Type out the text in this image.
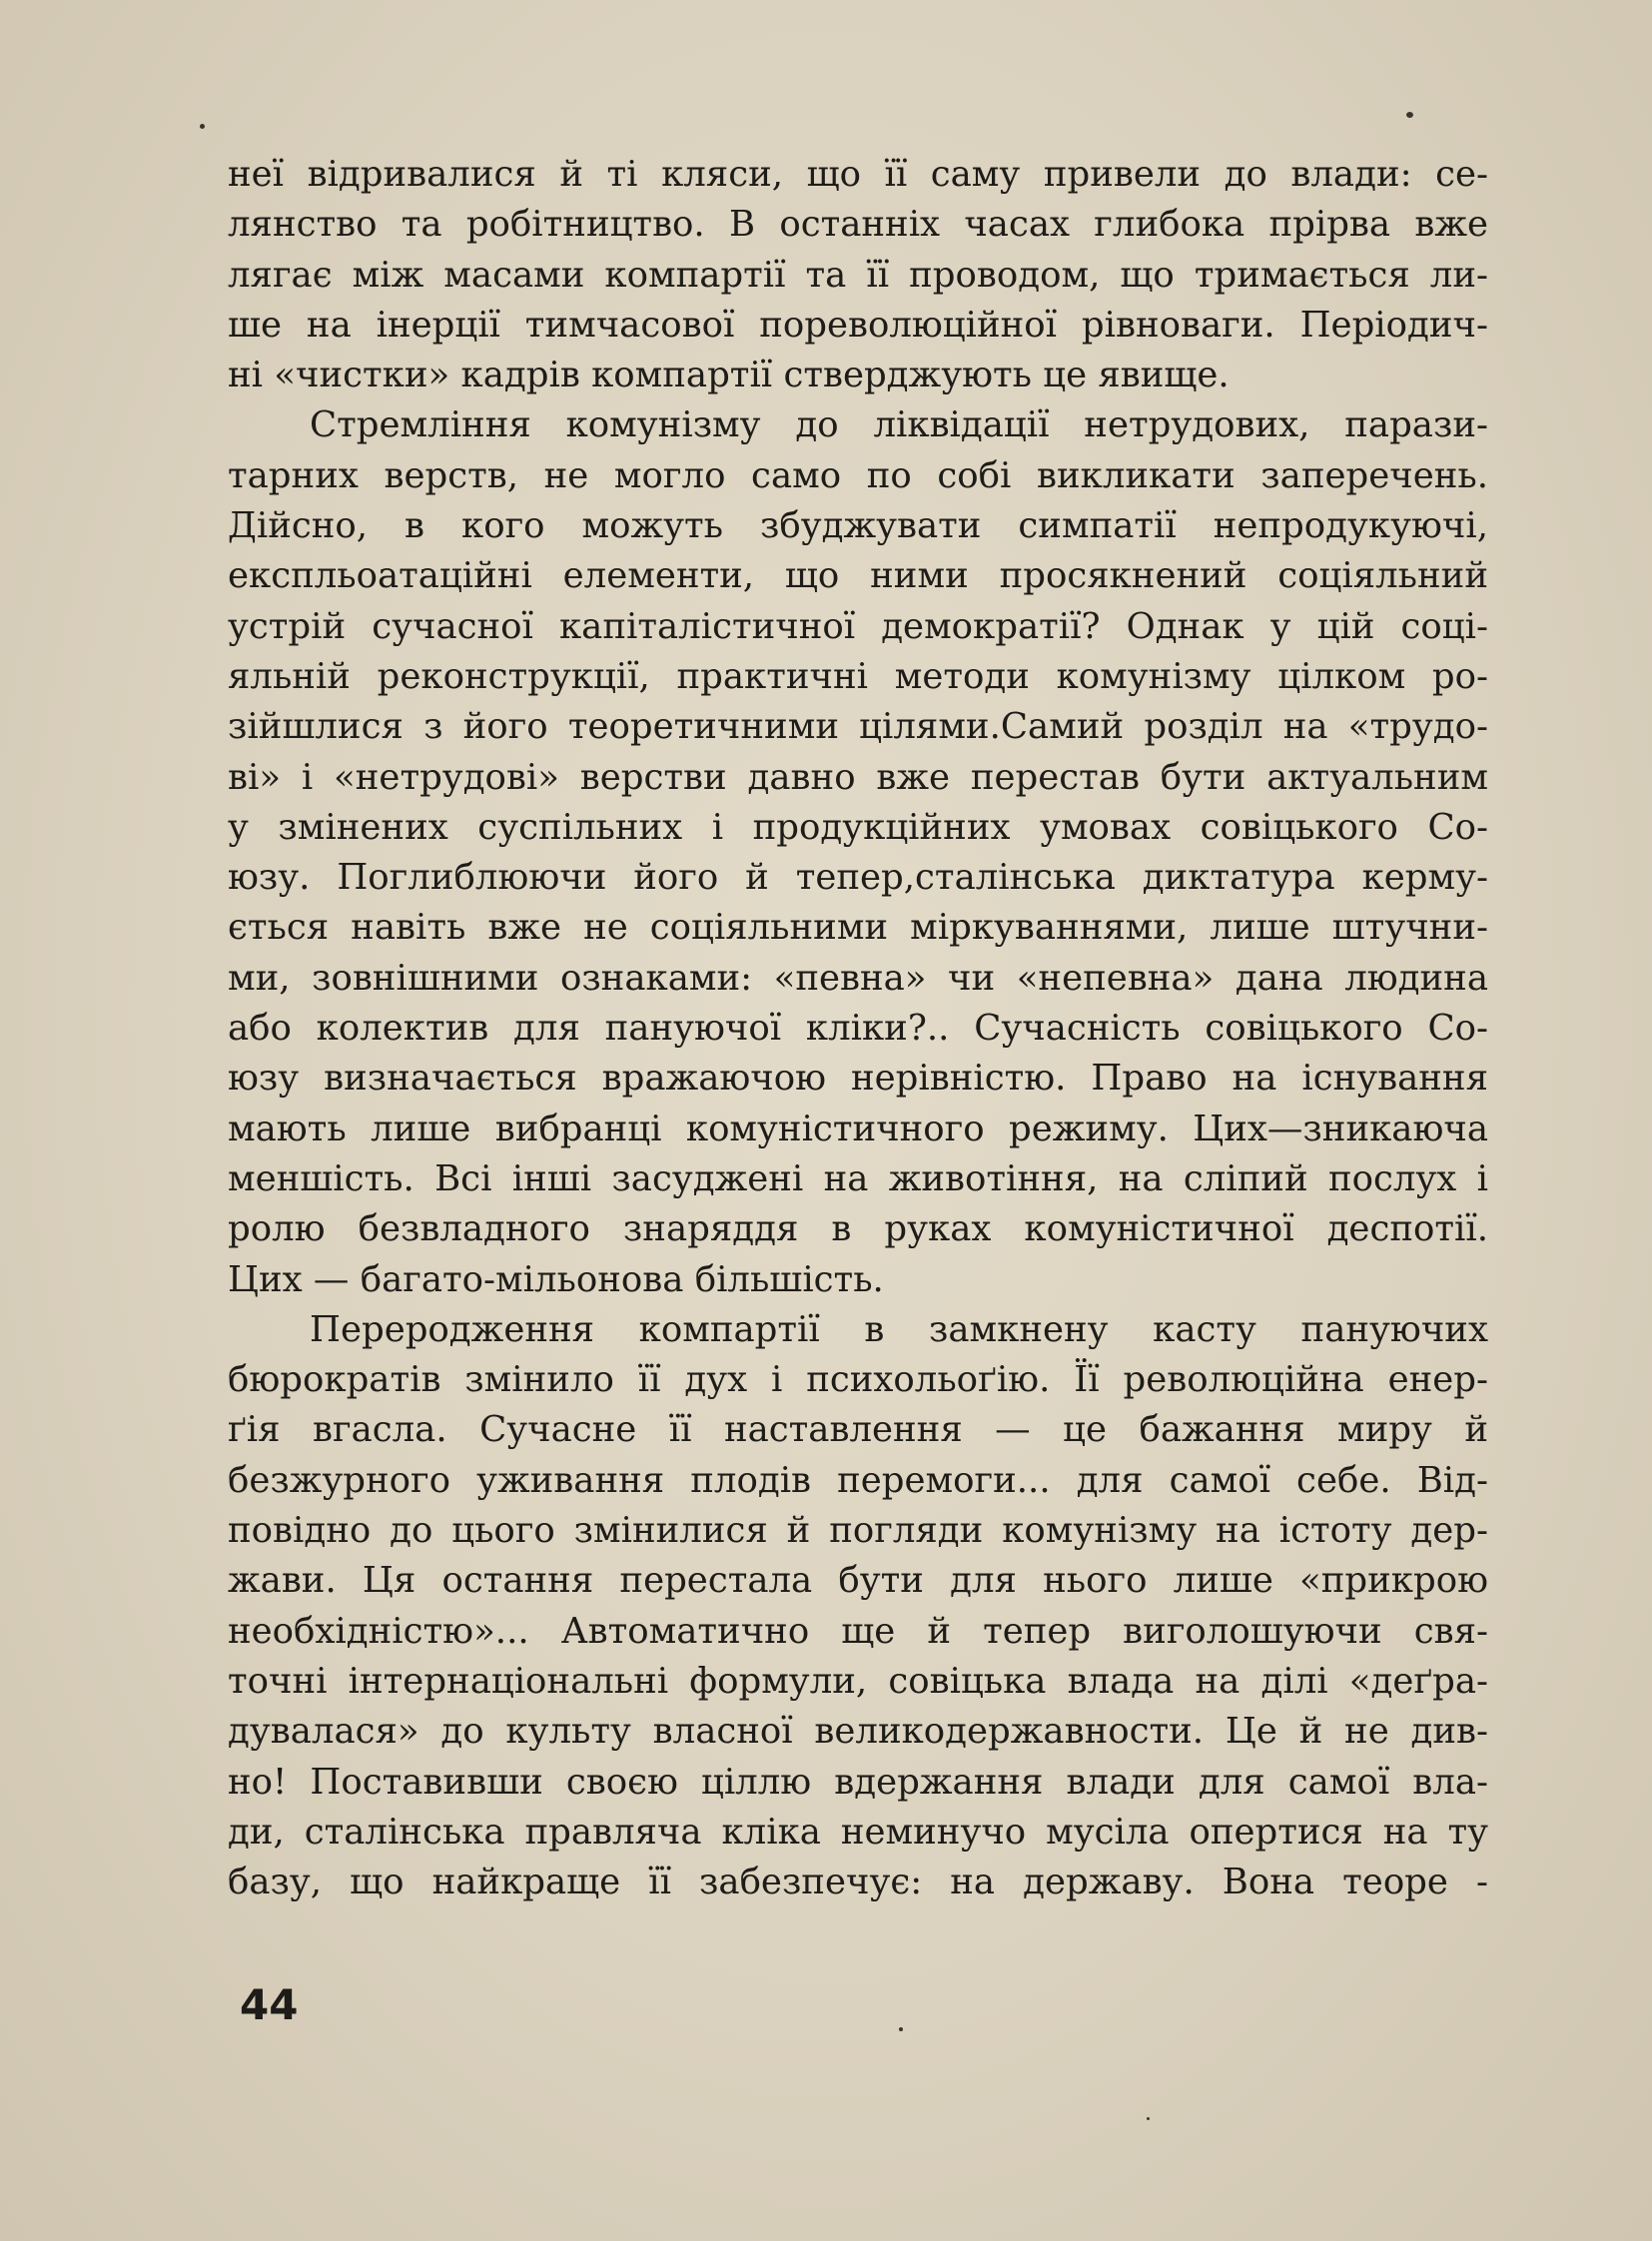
неї відривалися й ті кляси, що її саму привели до влади: се-
лянство та робітництво. В останніх часах глибока прірва вже
лягає між масами компартії та її проводом, що тримається ли-
ше на інерції тимчасової пореволюційної рівноваги. Періодич-
ні «чистки» кадрів компартії стверджують це явище.
Стремління комунізму до ліквідації нетрудових, парази-
тарних верств, не могло само по собі викликати заперечень.
Дійсно, в кого можуть збуджувати симпатії непродукуючі,
експльоатаційні елементи, що ними просякнений соціяльний
устрій сучасної капіталістичної демократії? Однак у цій соці-
яльній реконструкції, практичні методи комунізму цілком ро-
зійшлися з його теоретичними цілями.Самий розділ на «трудо-
ві» і «нетрудові» верстви давно вже перестав бути актуальним
у змінених суспільних і продукційних умовах совіцького Со-
юзу. Поглиблюючи його й тепер,сталінська диктатура керму-
ється навіть вже не соціяльними міркуваннями, лише штучни-
ми, зовнішними ознаками: «певна» чи «непевна» дана людина
або колектив для пануючої кліки?.. Сучасність совіцького Со-
юзу визначається вражаючою нерівністю. Право на існування
мають лише вибранці комуністичного режиму. Цих—зникаюча
меншість. Всі інші засуджені на животіння, на сліпий послух і
ролю безвладного знаряддя в руках комуністичної деспотії.
Цих — багато-мільонова більшість.
Переродження компартії в замкнену касту пануючих
бюрократів змінило її дух і психольоґію. Її революційна енер-
ґія вгасла. Сучасне її наставлення — це бажання миру й
безжурного уживання плодів перемоги... для самої себе. Від-
повідно до цього змінилися й погляди комунізму на істоту дер-
жави. Ця остання перестала бути для нього лише «прикрою
необхідністю»... Автоматично ще й тепер виголошуючи свя-
точні інтернаціональні формули, совіцька влада на ділі «деґра-
дувалася» до культу власної великодержавности. Це й не див-
но! Поставивши своєю ціллю вдержання влади для самої вла-
ди, сталінська правляча кліка неминучо мусіла опертися на ту
базу, що найкраще її забезпечує: на державу. Вона теоре -
44
